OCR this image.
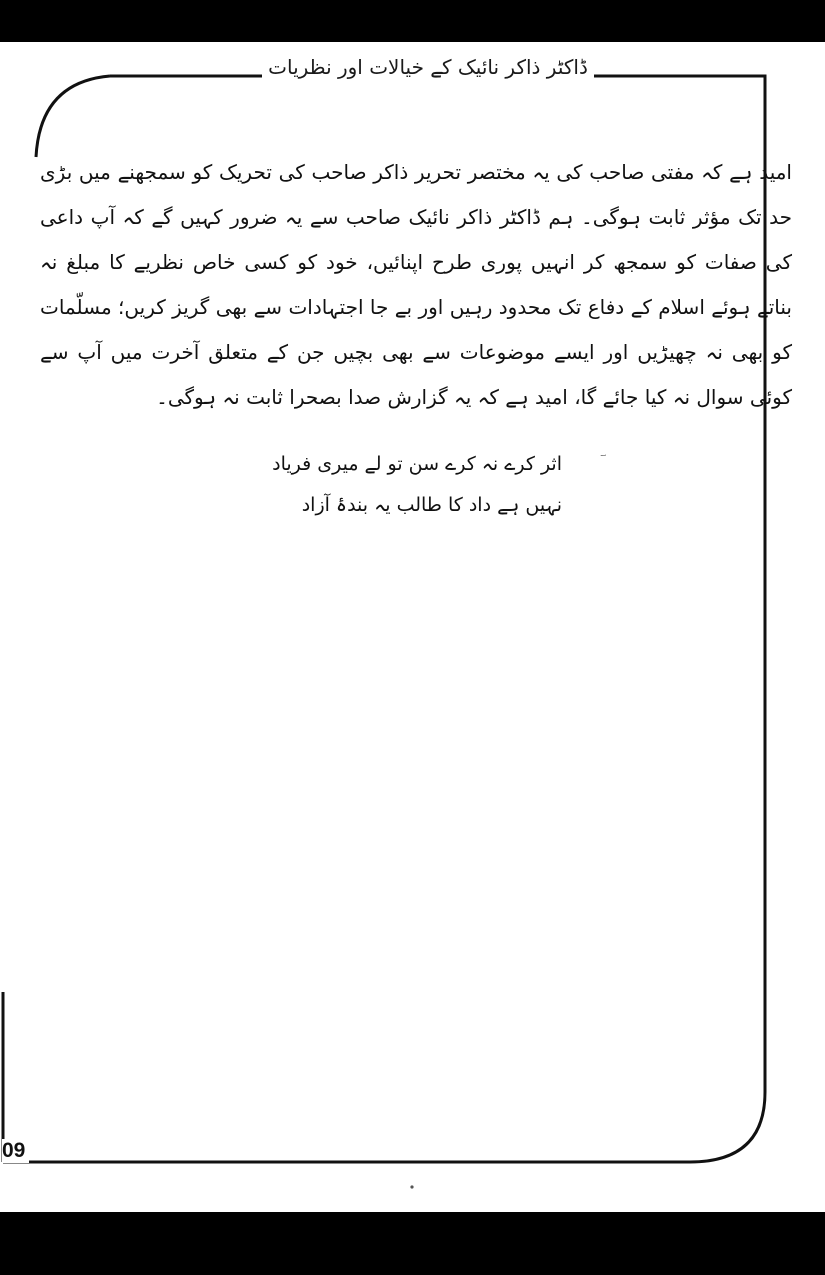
ڈاکٹر ذاکر نائیک کے خیالات اور نظریات

امید ہے کہ مفتی صاحب کی یہ مختصر تحریر ذاکر صاحب کی تحریک کو سمجھنے میں بڑی حد تک مؤثر ثابت ہوگی۔ ہم ڈاکٹر ذاکر نائیک صاحب سے یہ ضرور کہیں گے کہ آپ داعی کی صفات کو سمجھ کر انہیں پوری طرح اپنائیں، خود کو کسی خاص نظریے کا مبلغ نہ بناتے ہوئے اسلام کے دفاع تک محدود رہیں اور بے جا اجتہادات سے بھی گریز کریں؛ مسلّمات کو بھی نہ چھیڑیں اور ایسے موضوعات سے بھی بچیں جن کے متعلق آخرت میں آپ سے کوئی سوال نہ کیا جائے گا، امید ہے کہ یہ گزارش صدا بصحرا ثابت نہ ہوگی۔

اثر کرے نہ کرے سن تو لے میری فریاد
نہیں ہے داد کا طالب یہ بندۂ آزاد
09
